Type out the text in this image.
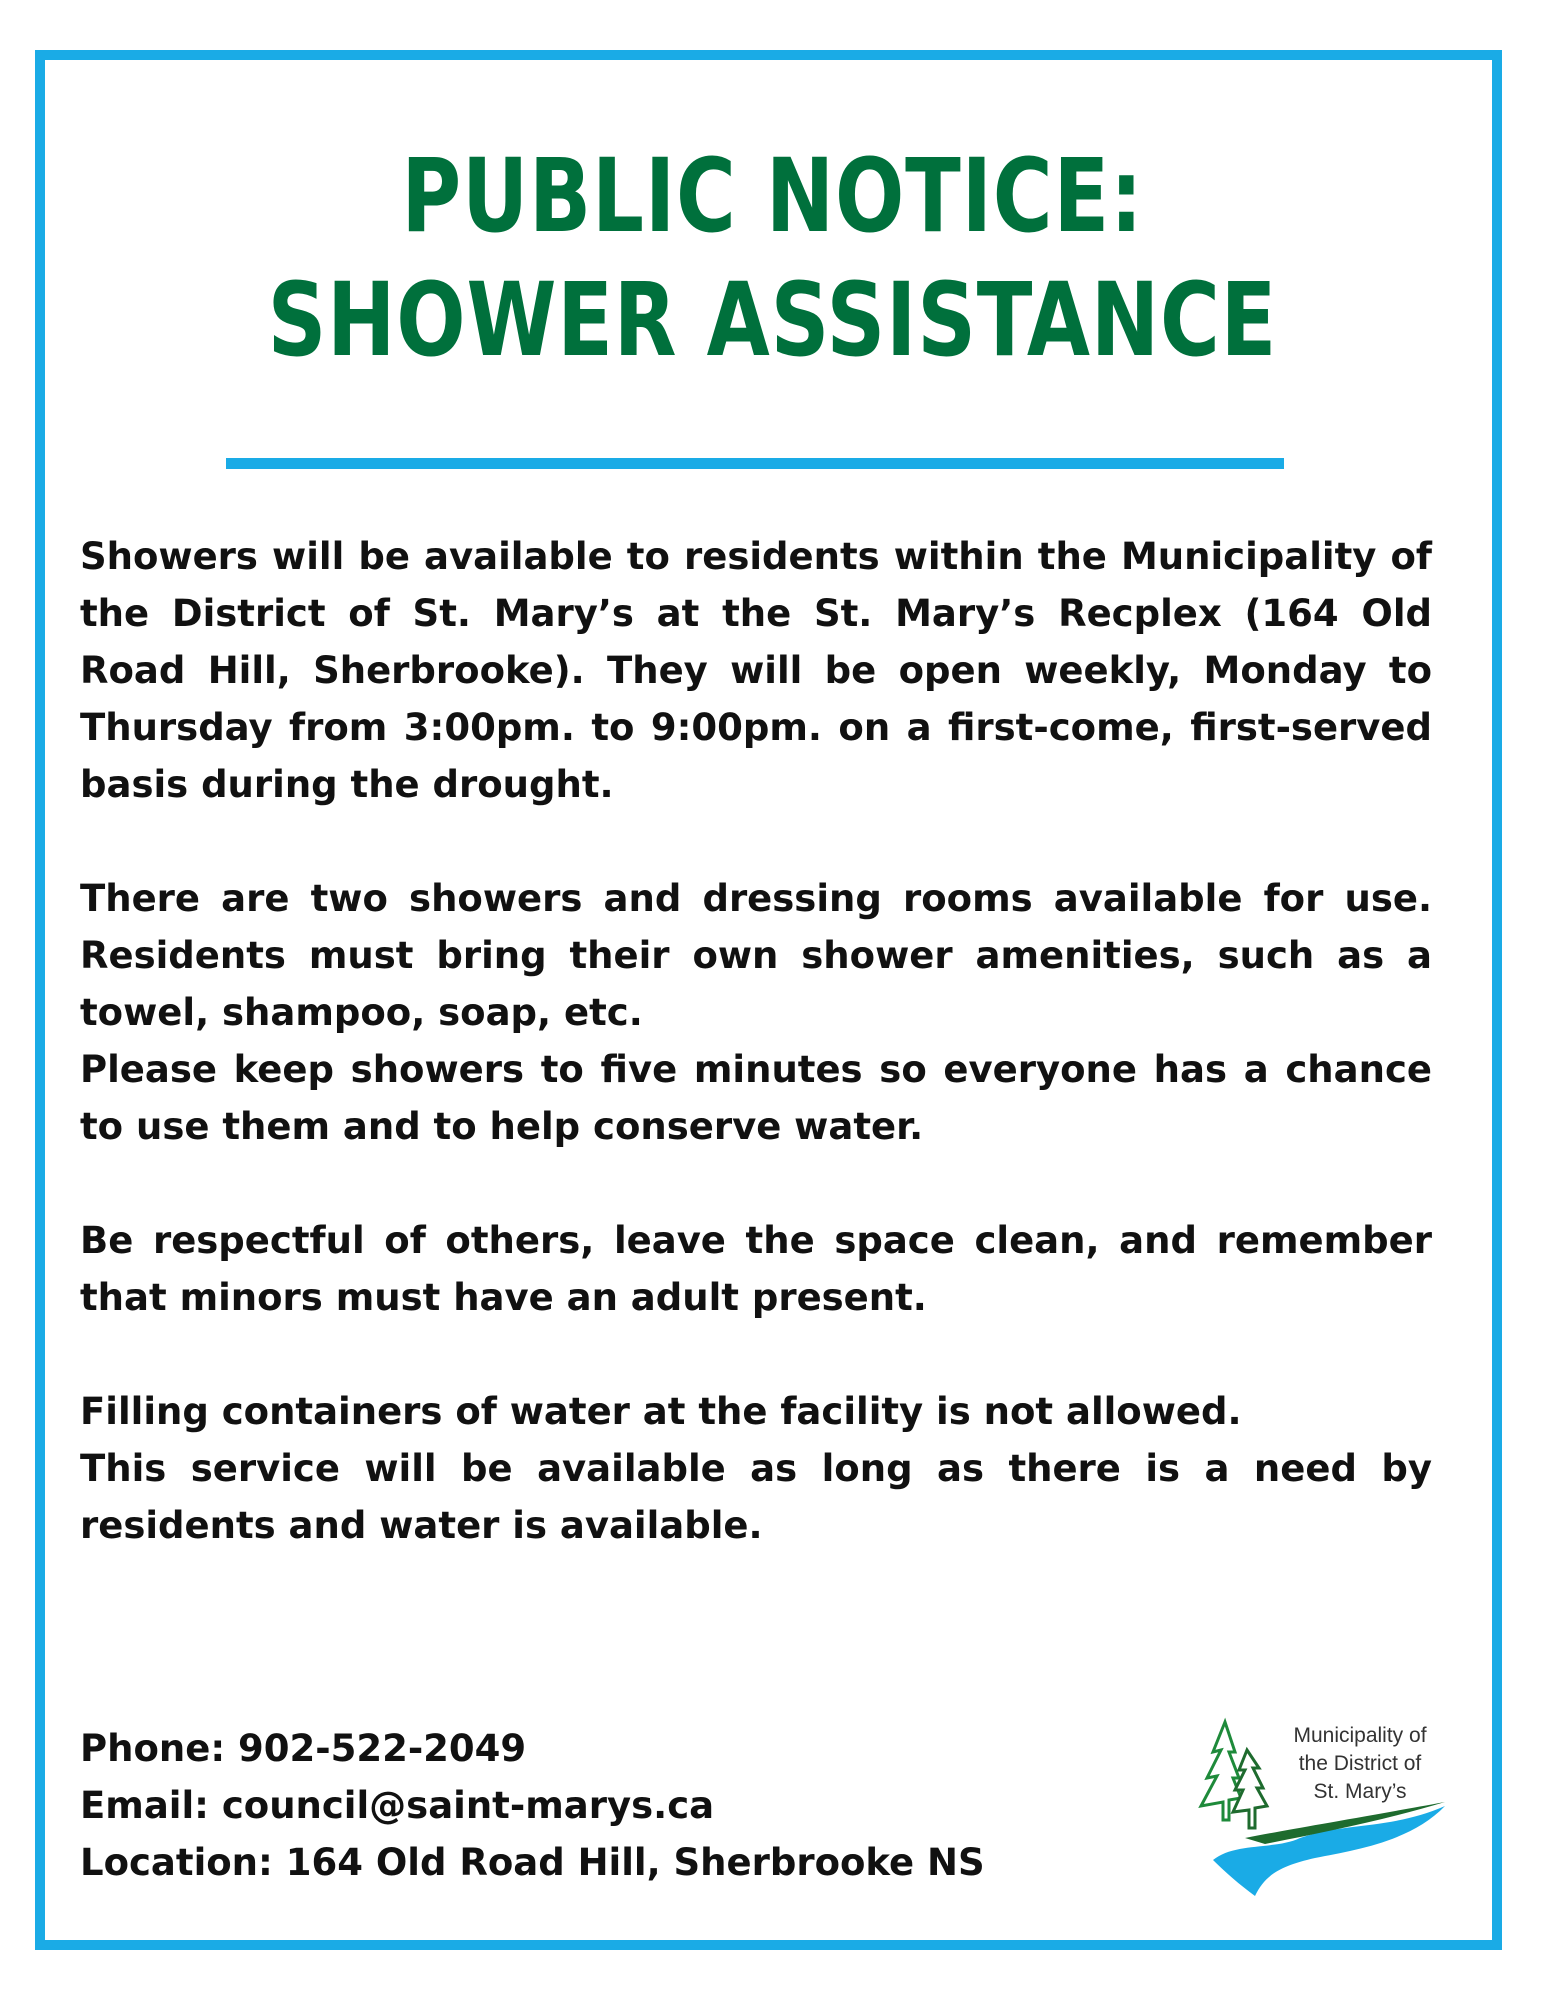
PUBLIC NOTICE:
SHOWER ASSISTANCE

Showers will be available to residents within the Municipality of the District of St. Mary’s at the St. Mary’s Recplex (164 Old Road Hill, Sherbrooke). They will be open weekly, Monday to Thursday from 3:00pm. to 9:00pm. on a first-come, first-served basis during the drought.

There are two showers and dressing rooms available for use. Residents must bring their own shower amenities, such as a towel, shampoo, soap, etc.

Please keep showers to five minutes so everyone has a chance to use them and to help conserve water.

Be respectful of others, leave the space clean, and remember that minors must have an adult present.

Filling containers of water at the facility is not allowed.

This service will be available as long as there is a need by residents and water is available.

Phone: 902-522-2049
Email: council@saint-marys.ca
Location: 164 Old Road Hill, Sherbrooke NS
Municipality of
the District of
St. Mary’s
